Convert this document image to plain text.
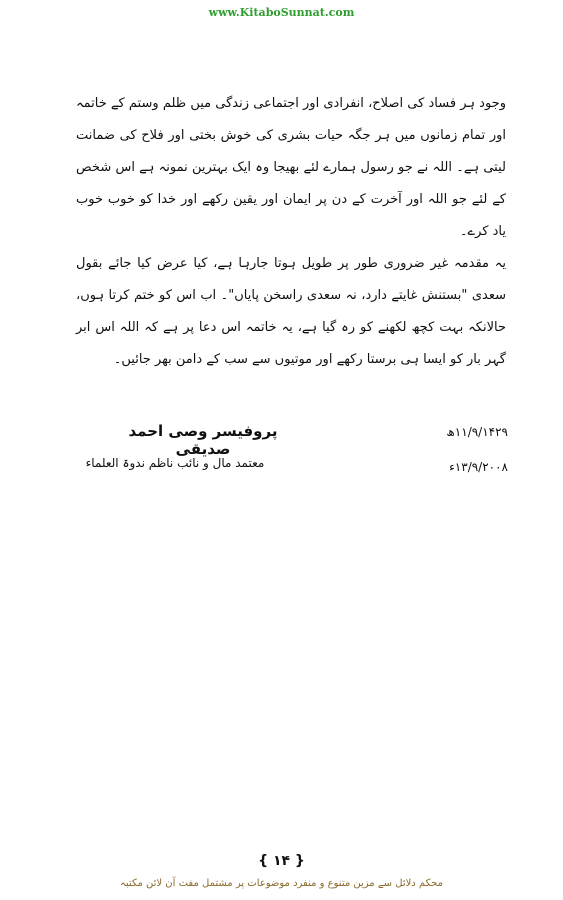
www.KitaboSunnat.com

وجود ہر فساد کی اصلاح، انفرادی اور اجتماعی زندگی میں ظلم وستم کے خاتمہ اور تمام زمانوں میں ہر جگہ حیات بشری کی خوش بختی اور فلاح کی ضمانت لیتی ہے۔ اللہ نے جو رسول ہمارے لئے بھیجا وہ ایک بہترین نمونہ ہے اس شخص کے لئے جو اللہ اور آخرت کے دن پر ایمان اور یقین رکھے اور خدا کو خوب خوب یاد کرے۔

یہ مقدمہ غیر ضروری طور پر طویل ہوتا جارہا ہے، کیا عرض کیا جائے بقول سعدی "بستنش غایتے دارد، نہ سعدی راسخن پایاں"۔ اب اس کو ختم کرتا ہوں، حالانکہ بہت کچھ لکھنے کو رہ گیا ہے، یہ خاتمہ اس دعا پر ہے کہ اللہ اس ابر گہر بار کو ایسا ہی برستا رکھے اور موتیوں سے سب کے دامن بھر جائیں۔

پروفیسر وصی احمد صدیقی
معتمد مال و نائب ناظم ندوۃ العلماء
۱۱/۹/۱۴۲۹ھ
۱۳/۹/۲۰۰۸ء
{ ۱۴ }
محکم دلائل سے مزین متنوع و منفرد موضوعات پر مشتمل مفت آن لائن مکتبہ
